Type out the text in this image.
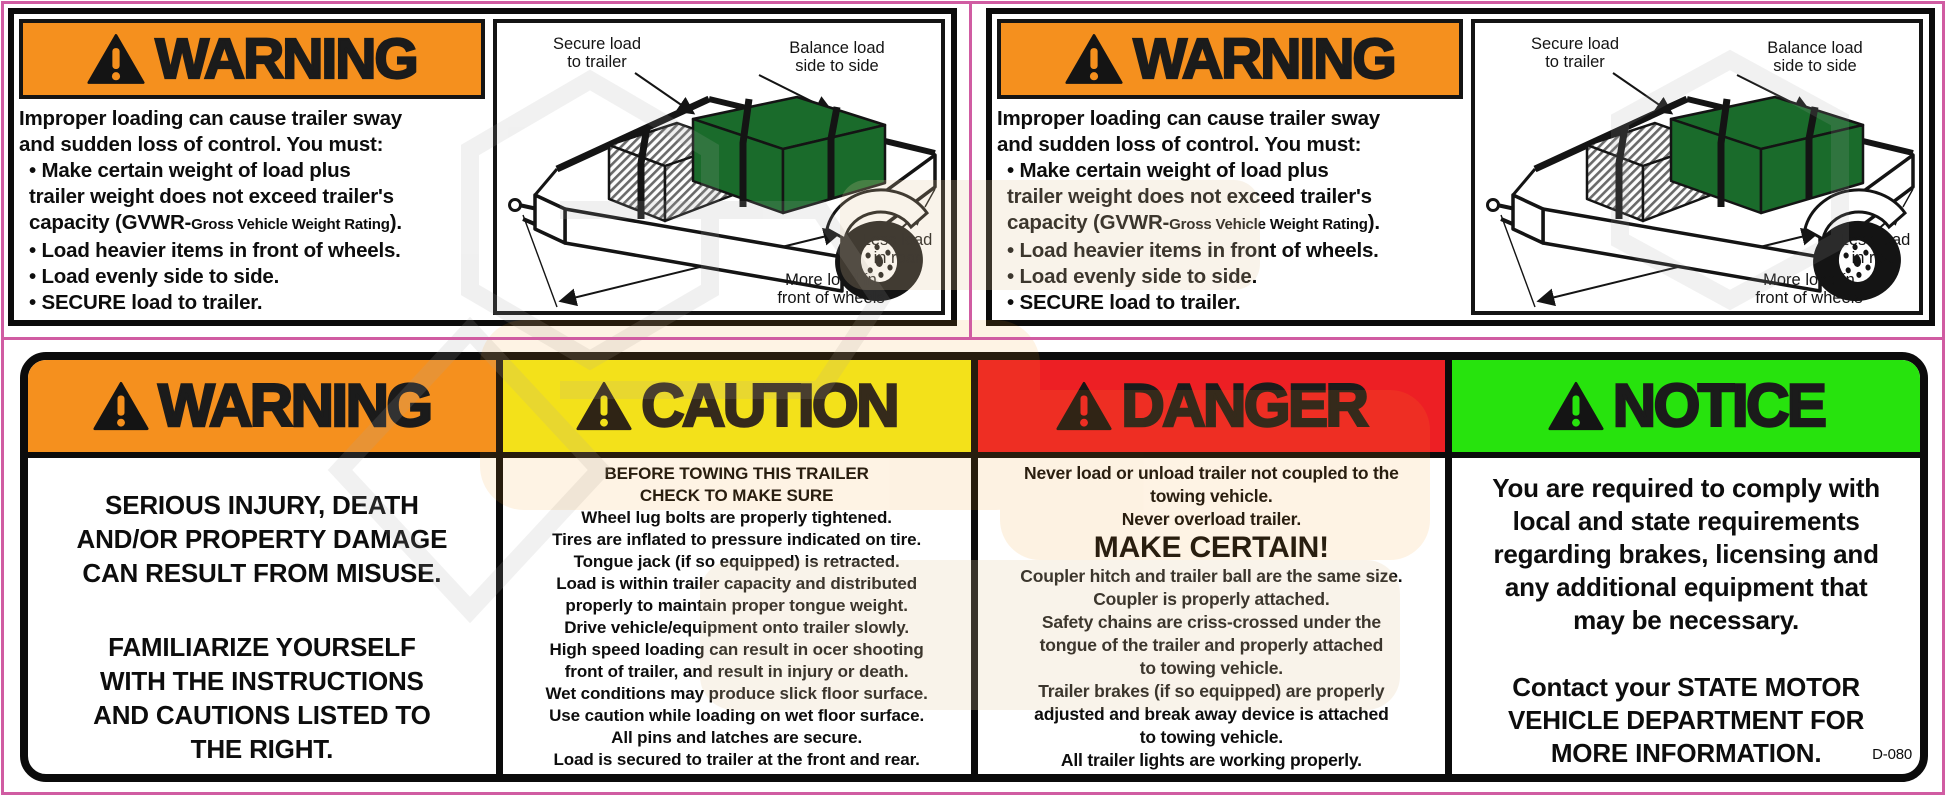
WARNING
Improper loading can cause trailer sway
and sudden loss of control. You must:
• Make certain weight of load plus
trailer weight does not exceed trailer's
capacity (GVWR-Gross Vehicle Weight Rating).
• Load heavier items in front of wheels.
• Load evenly side to side.
• SECURE load to trailer.
Secure load
to trailer
Balance load
side to side
Less load
in rear
More load ín
front of wheels
WARNING
Improper loading can cause trailer sway
and sudden loss of control. You must:
• Make certain weight of load plus
trailer weight does not exceed trailer's
capacity (GVWR-Gross Vehicle Weight Rating).
• Load heavier items in front of wheels.
• Load evenly side to side.
• SECURE load to trailer.
Secure load
to trailer
Balance load
side to side
Less load
in rear
More load ín
front of wheels
WARNING
SERIOUS INJURY, DEATH
AND/OR PROPERTY DAMAGE
CAN RESULT FROM MISUSE.
FAMILIARIZE YOURSELF
WITH THE INSTRUCTIONS
AND CAUTIONS LISTED TO
THE RIGHT.
CAUTION
BEFORE TOWING THIS TRAILER
CHECK TO MAKE SURE
Wheel lug bolts are properly tightened.
Tires are inflated to pressure indicated on tire.
Tongue jack (if so equipped) is retracted.
Load is within trailer capacity and distributed
properly to maintain proper tongue weight.
Drive vehicle/equipment onto trailer slowly.
High speed loading can result in ocer shooting
front of trailer, and result in injury or death.
Wet conditions may produce slick floor surface.
Use caution while loading on wet floor surface.
All pins and latches are secure.
Load is secured to trailer at the front and rear.
DANGER
Never load or unload trailer not coupled to the
towing vehicle.
Never overload trailer.
MAKE CERTAIN!
Coupler hitch and trailer ball are the same size.
Coupler is properly attached.
Safety chains are criss-crossed under the
tongue of the trailer and properly attached
to towing vehicle.
Trailer brakes (if so equipped) are properly
adjusted and break away device is attached
to towing vehicle.
All trailer lights are working properly.
NOTICE
You are required to comply with
local and state requirements
regarding brakes, licensing and
any additional equipment that
may be necessary.
Contact your STATE MOTOR
VEHICLE DEPARTMENT FOR
MORE INFORMATION.	D-080
